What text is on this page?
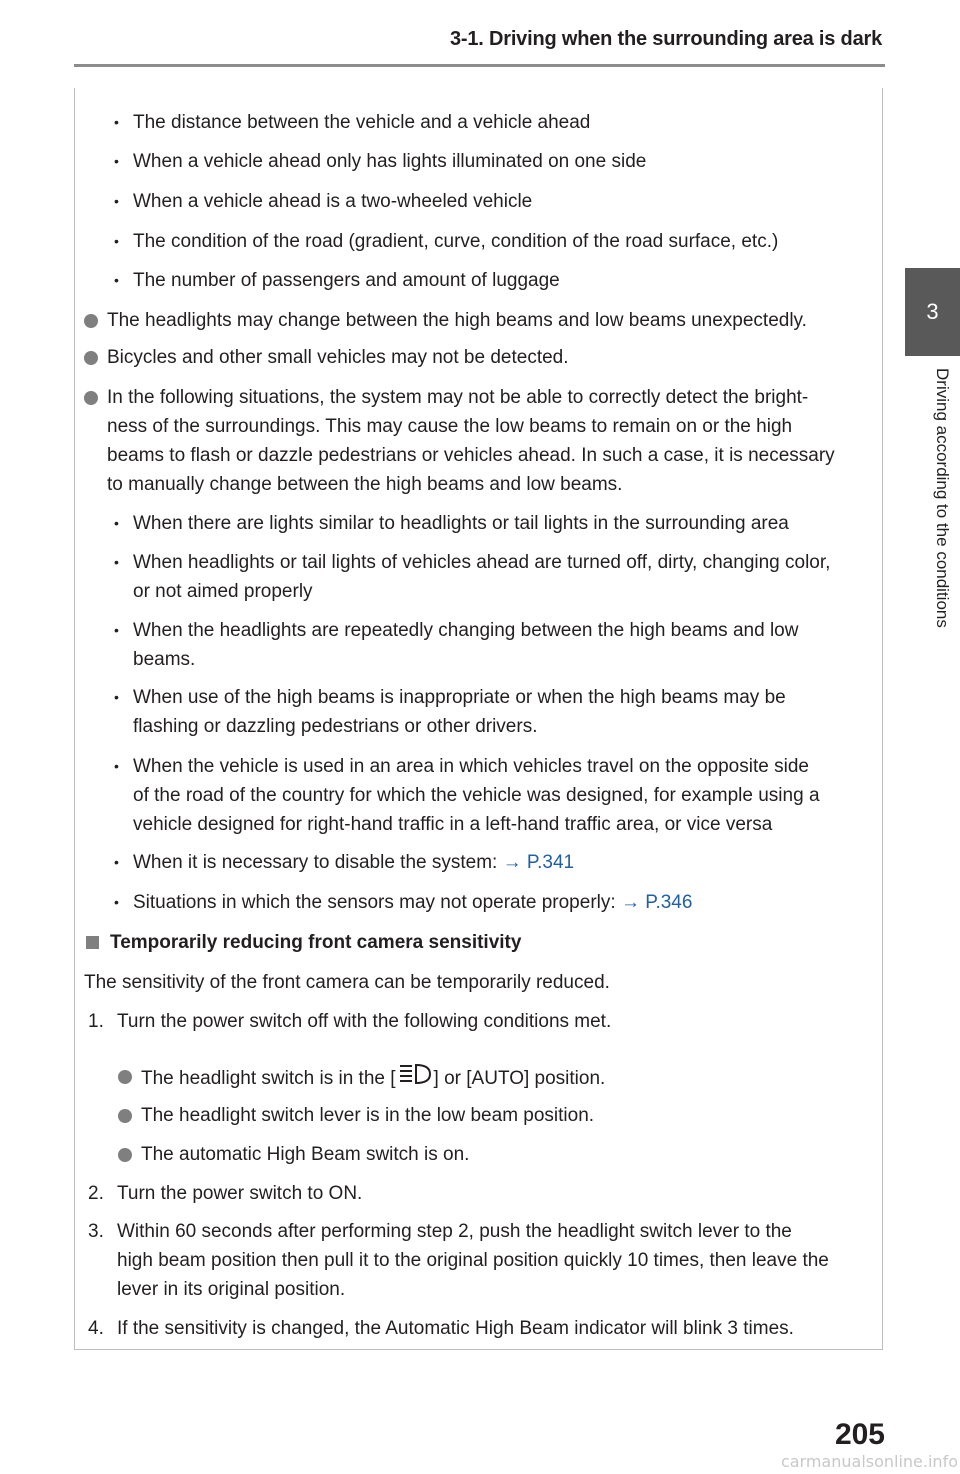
3-1. Driving when the surrounding area is dark
3
Driving according to the conditions
• The distance between the vehicle and a vehicle ahead
• When a vehicle ahead only has lights illuminated on one side
• When a vehicle ahead is a two-wheeled vehicle
• The condition of the road (gradient, curve, condition of the road surface, etc.)
• The number of passengers and amount of luggage
The headlights may change between the high beams and low beams unexpectedly.
Bicycles and other small vehicles may not be detected.
In the following situations, the system may not be able to correctly detect the bright-
ness of the surroundings. This may cause the low beams to remain on or the high
beams to flash or dazzle pedestrians or vehicles ahead. In such a case, it is necessary
to manually change between the high beams and low beams.
• When there are lights similar to headlights or tail lights in the surrounding area
• When headlights or tail lights of vehicles ahead are turned off, dirty, changing color,
or not aimed properly
• When the headlights are repeatedly changing between the high beams and low
beams.
• When use of the high beams is inappropriate or when the high beams may be
flashing or dazzling pedestrians or other drivers.
• When the vehicle is used in an area in which vehicles travel on the opposite side
of the road of the country for which the vehicle was designed, for example using a
vehicle designed for right-hand traffic in a left-hand traffic area, or vice versa
• When it is necessary to disable the system: → P.341
• Situations in which the sensors may not operate properly: → P.346
Temporarily reducing front camera sensitivity
The sensitivity of the front camera can be temporarily reduced.
1. Turn the power switch off with the following conditions met.
The headlight switch is in the [ ] or [AUTO] position.
The headlight switch lever is in the low beam position.
The automatic High Beam switch is on.
2. Turn the power switch to ON.
3. Within 60 seconds after performing step 2, push the headlight switch lever to the
high beam position then pull it to the original position quickly 10 times, then leave the
lever in its original position.
4. If the sensitivity is changed, the Automatic High Beam indicator will blink 3 times.
205
carmanualsonline.info
